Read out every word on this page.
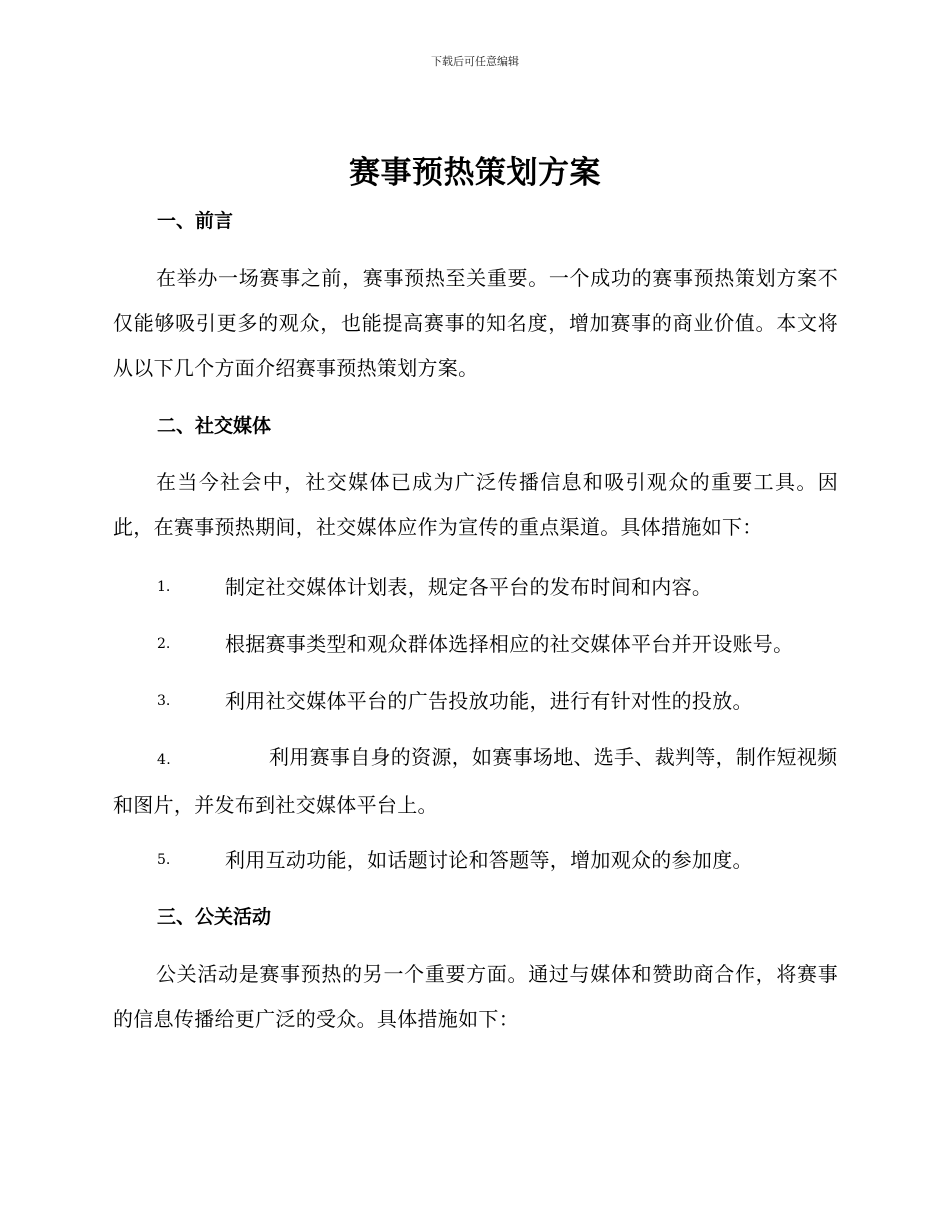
下载后可任意编辑
赛事预热策划方案
一、前言
在举办一场赛事之前，赛事预热至关重要。一个成功的赛事预热策划方案不仅能够吸引更多的观众，也能提高赛事的知名度，增加赛事的商业价值。本文将从以下几个方面介绍赛事预热策划方案。
二、社交媒体
在当今社会中，社交媒体已成为广泛传播信息和吸引观众的重要工具。因此，在赛事预热期间，社交媒体应作为宣传的重点渠道。具体措施如下：
1.	制定社交媒体计划表，规定各平台的发布时间和内容。
2.	根据赛事类型和观众群体选择相应的社交媒体平台并开设账号。
3.	利用社交媒体平台的广告投放功能，进行有针对性的投放。
4.	利用赛事自身的资源，如赛事场地、选手、裁判等，制作短视频和图片，并发布到社交媒体平台上。
5.	利用互动功能，如话题讨论和答题等，增加观众的参加度。
三、公关活动
公关活动是赛事预热的另一个重要方面。通过与媒体和赞助商合作，将赛事的信息传播给更广泛的受众。具体措施如下：
